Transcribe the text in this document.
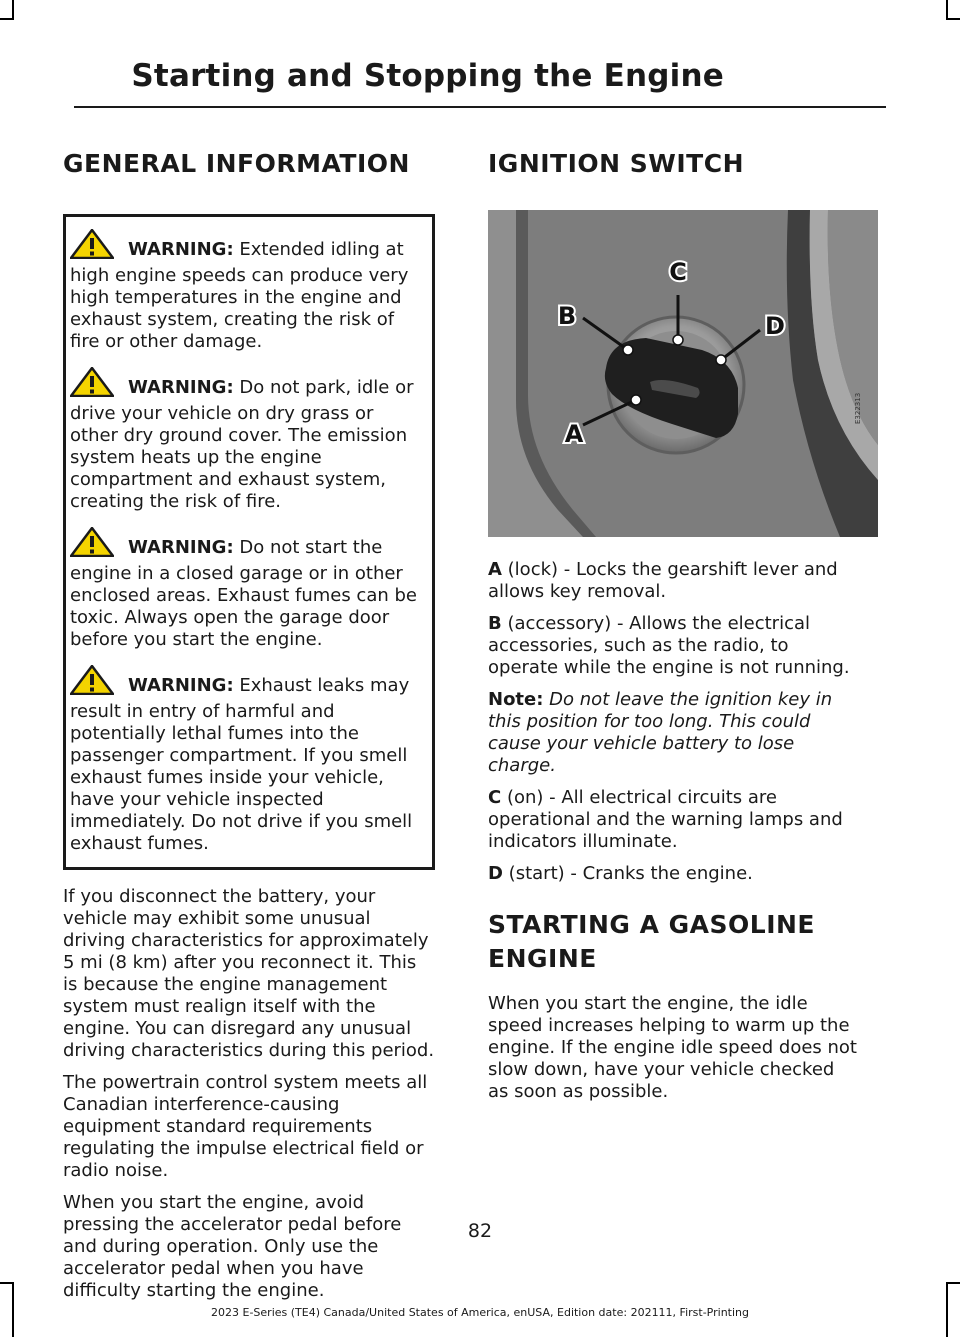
Starting and Stopping the Engine
GENERAL INFORMATION

WARNING: Extended idling at high engine speeds can produce very high temperatures in the engine and exhaust system, creating the risk of fire or other damage.

WARNING: Do not park, idle or drive your vehicle on dry grass or other dry ground cover. The emission system heats up the engine compartment and exhaust system, creating the risk of fire.

WARNING: Do not start the engine in a closed garage or in other enclosed areas. Exhaust fumes can be toxic. Always open the garage door before you start the engine.

WARNING: Exhaust leaks may result in entry of harmful and potentially lethal fumes into the passenger compartment. If you smell exhaust fumes inside your vehicle, have your vehicle inspected immediately. Do not drive if you smell exhaust fumes.

If you disconnect the battery, your vehicle may exhibit some unusual driving characteristics for approximately 5 mi (8 km) after you reconnect it. This is because the engine management system must realign itself with the engine. You can disregard any unusual driving characteristics during this period.

The powertrain control system meets all Canadian interference-causing equipment standard requirements regulating the impulse electrical field or radio noise.

When you start the engine, avoid pressing the accelerator pedal before and during operation. Only use the accelerator pedal when you have difficulty starting the engine.

IGNITION SWITCH
C
B	D
A
E322313

A (lock) - Locks the gearshift lever and allows key removal.

B (accessory) - Allows the electrical accessories, such as the radio, to operate while the engine is not running.

Note: Do not leave the ignition key in this position for too long. This could cause your vehicle battery to lose charge.

C (on) - All electrical circuits are operational and the warning lamps and indicators illuminate.

D (start) - Cranks the engine.

STARTING A GASOLINE
ENGINE

When you start the engine, the idle speed increases helping to warm up the engine. If the engine idle speed does not slow down, have your vehicle checked as soon as possible.

82
2023 E-Series (TE4) Canada/United States of America, enUSA, Edition date: 202111, First-Printing
